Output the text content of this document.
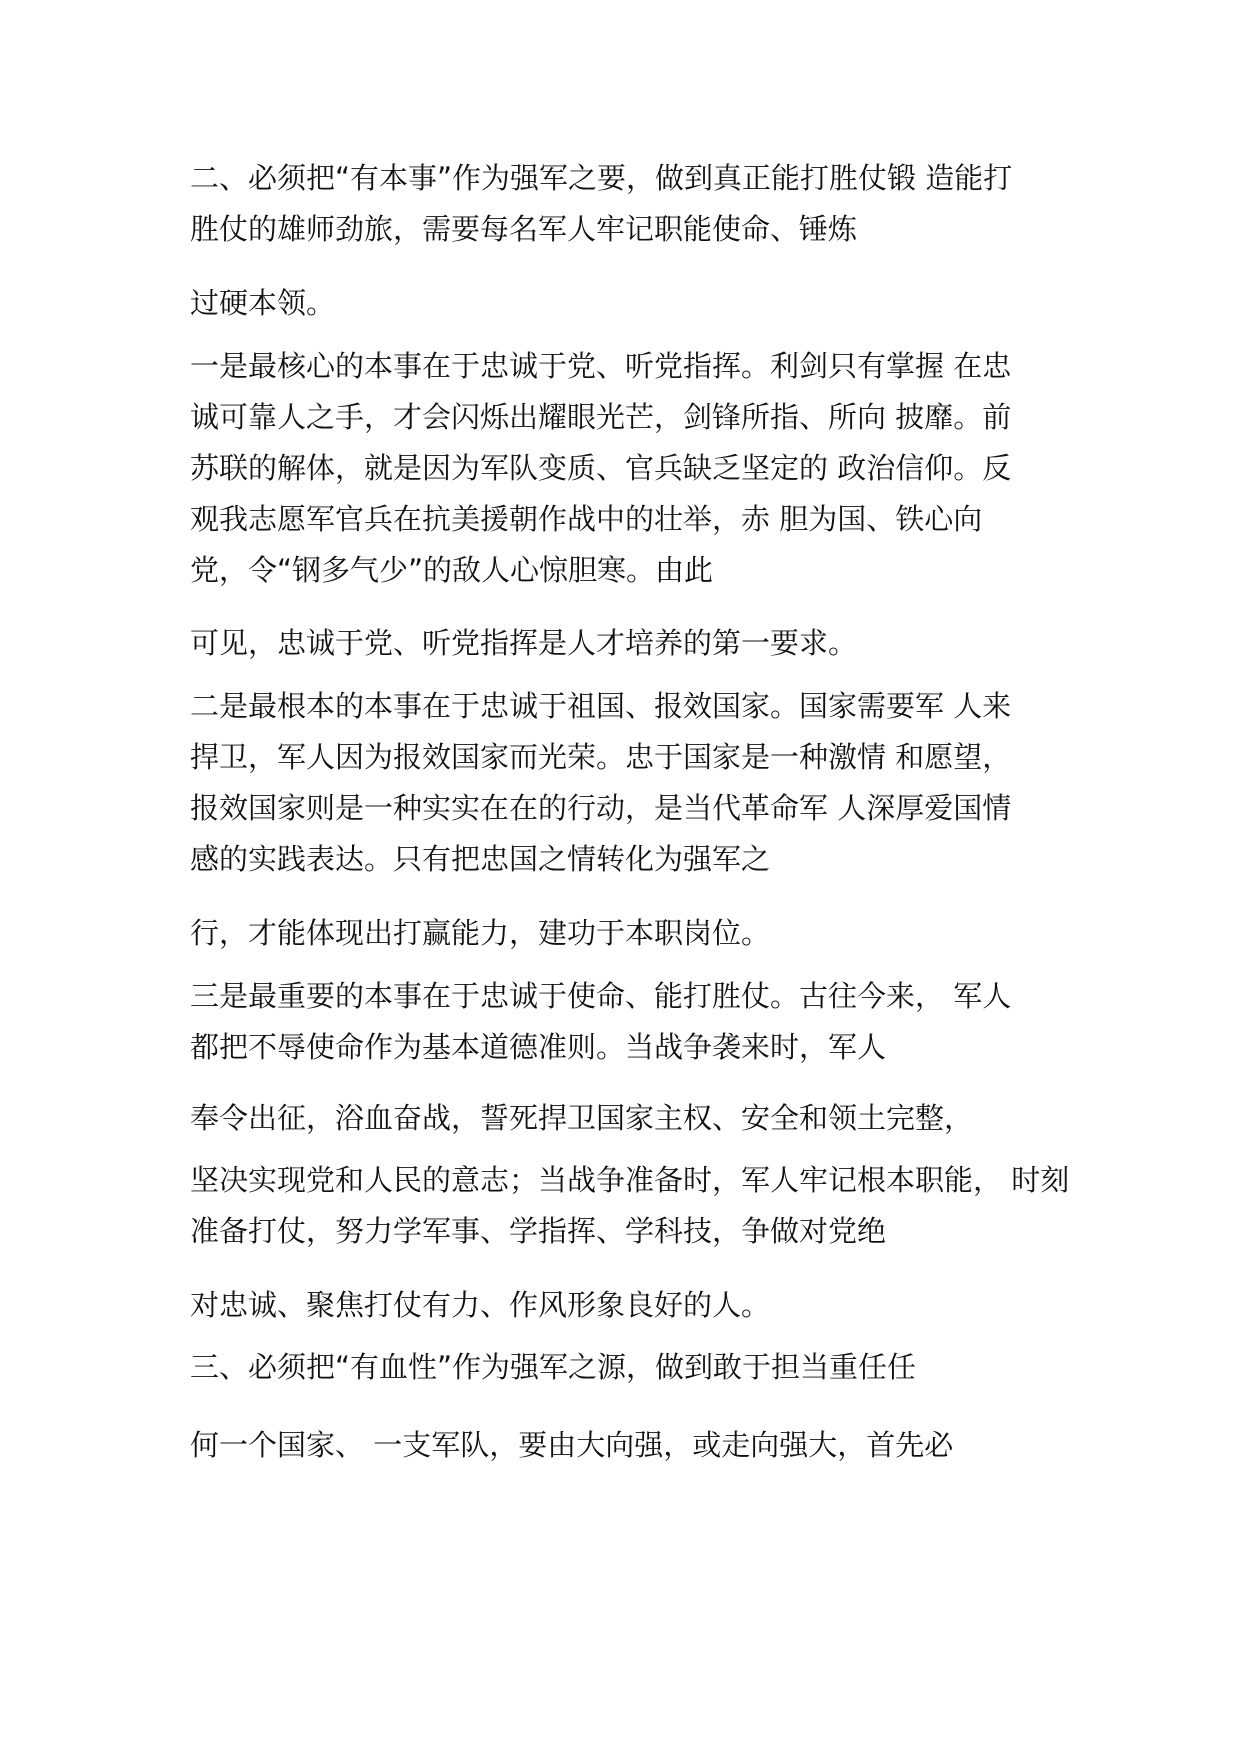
二、必须把“有本事”作为强军之要，做到真正能打胜仗锻 造能打

胜仗的雄师劲旅，需要每名军人牢记职能使命、锤炼

过硬本领。

一是最核心的本事在于忠诚于党、听党指挥。利剑只有掌握 在忠

诚可靠人之手，才会闪烁出耀眼光芒，剑锋所指、所向 披靡。前

苏联的解体，就是因为军队变质、官兵缺乏坚定的 政治信仰。反

观我志愿军官兵在抗美援朝作战中的壮举，赤 胆为国、铁心向

党，令“钢多气少”的敌人心惊胆寒。由此

可见，忠诚于党、听党指挥是人才培养的第一要求。

二是最根本的本事在于忠诚于祖国、报效国家。国家需要军 人来

捍卫，军人因为报效国家而光荣。忠于国家是一种激情 和愿望，

报效国家则是一种实实在在的行动，是当代革命军 人深厚爱国情

感的实践表达。只有把忠国之情转化为强军之

行，才能体现出打赢能力，建功于本职岗位。

三是最重要的本事在于忠诚于使命、能打胜仗。古往今来， 军人

都把不辱使命作为基本道德准则。当战争袭来时，军人

奉令出征，浴血奋战，誓死捍卫国家主权、安全和领土完整，

坚决实现党和人民的意志；当战争准备时，军人牢记根本职能， 时刻

准备打仗，努力学军事、学指挥、学科技，争做对党绝

对忠诚、聚焦打仗有力、作风形象良好的人。

三、必须把“有血性”作为强军之源，做到敢于担当重任任

何一个国家、 一支军队，要由大向强，或走向强大，首先必
